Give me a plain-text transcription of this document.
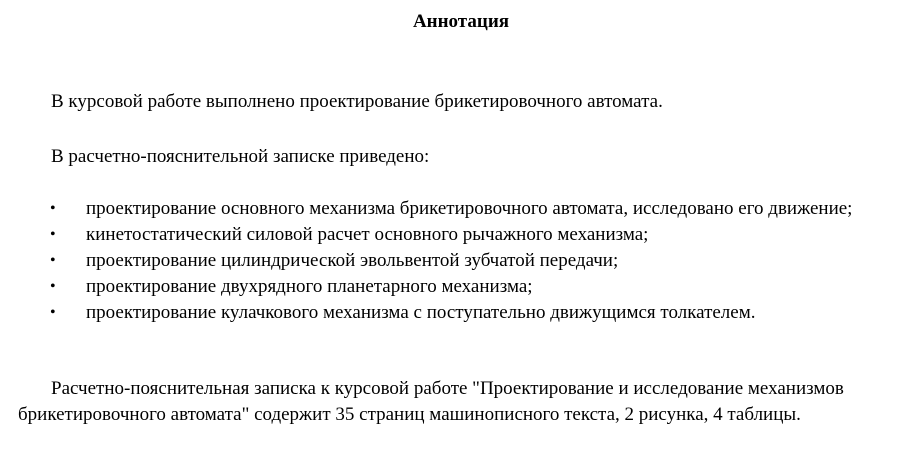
Аннотация

В курсовой работе выполнено проектирование брикетировочного автомата.

В расчетно-пояснительной записке приведено:

• проектирование основного механизма брикетировочного автомата, исследовано его движение;
• кинетостатический силовой расчет основного рычажного механизма;
• проектирование цилиндрической эвольвентой зубчатой передачи;
• проектирование двухрядного планетарного механизма;
• проектирование кулачкового механизма с поступательно движущимся толкателем.

Расчетно-пояснительная записка к курсовой работе "Проектирование и исследование механизмов брикетировочного автомата" содержит 35 страниц машинописного текста, 2 рисунка, 4 таблицы.
